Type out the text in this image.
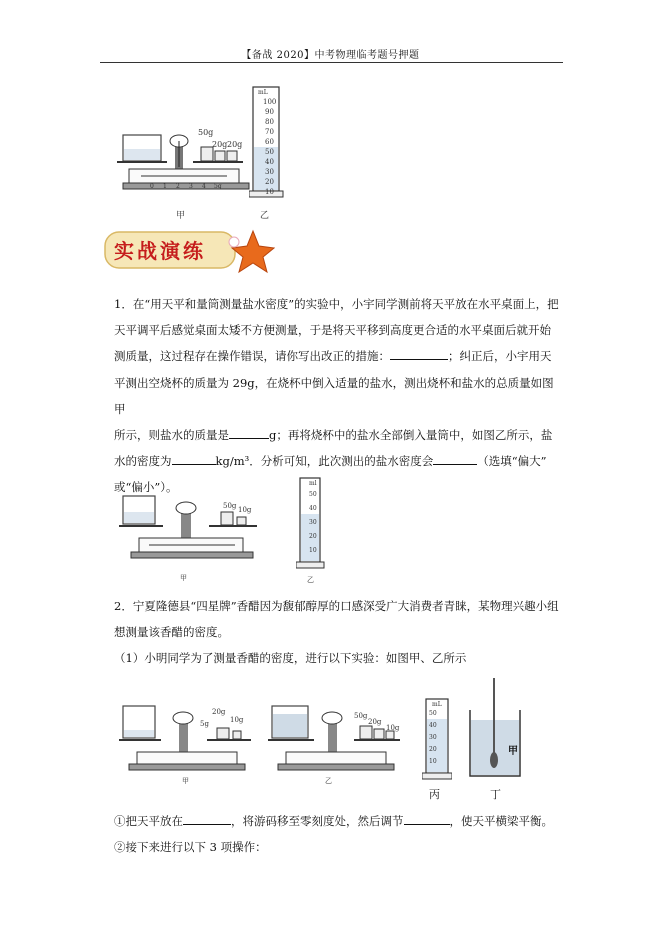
【备战 2020】中考物理临考题号押题
50g
20g 20g
0 1 2 3 4 5g
mL
100
90
80
70
60
50
40
30
20
10
甲	乙
实战演练
1．在“用天平和量筒测量盐水密度”的实验中，小宇同学测前将天平放在水平桌面上，把
天平调平后感觉桌面太矮不方便测量，于是将天平移到高度更合适的水平桌面后就开始
测质量，这过程存在操作错误，请你写出改正的措施：	；纠正后，小宇用天
平测出空烧杯的质量为 29g，在烧杯中倒入适量的盐水，测出烧杯和盐水的总质量如图甲
所示，则盐水的质量是	g；再将烧杯中的盐水全部倒入量筒中，如图乙所示，盐
水的密度为	kg/m³．分析可知，此次测出的盐水密度会	（选填“偏大”
或“偏小”）。
50g 10g
ml
50
40
30
20
10
甲	乙
2．宁夏隆德县“四星牌”香醋因为馥郁醇厚的口感深受广大消费者青睐，某物理兴趣小组
想测量该香醋的密度。
（1）小明同学为了测量香醋的密度，进行以下实验：如图甲、乙所示
20g
5g	10g
甲
50g
20g
10g
乙
mL
50
40
30
20
10
丙
甲
丁
①把天平放在	，将游码移至零刻度处，然后调节	，使天平横梁平衡。
②接下来进行以下 3 项操作：
